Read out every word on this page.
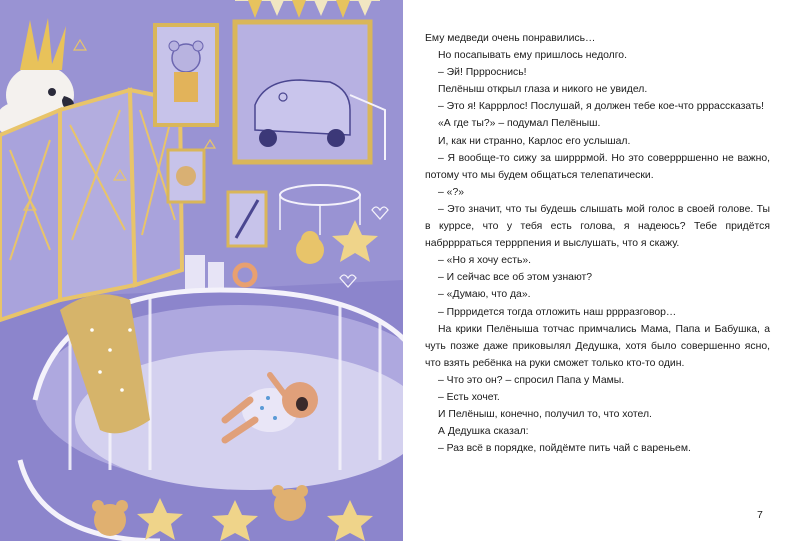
Ему медведи очень понравились…

Но посапывать ему пришлось недолго.

– Эй! Пррроснись!

Пелёныш открыл глаза и никого не увидел.

– Это я! Карррлос! Послушай, я должен тебе кое-что рррассказать!

«А где ты?» – подумал Пелёныш.

И, как ни странно, Карлос его услышал.

– Я вообще-то сижу за ширррмой. Но это соверрршенно не важно, потому что мы будем общаться телепатически.

– «?»

– Это значит, что ты будешь слышать мой голос в своей голове. Ты в куррсе, что у тебя есть голова, я надеюсь? Тебе придётся набрррраться терррпения и выслушать, что я скажу.

– «Но я хочу есть».

– И сейчас все об этом узнают?

– «Думаю, что да».

– Пррридется тогда отложить наш рррразговор…

На крики Пелёныша тотчас примчались Мама, Папа и Бабушка, а чуть позже даже приковылял Дедушка, хотя было совершенно ясно, что взять ребёнка на руки сможет только кто-то один.

– Что это он? – спросил Папа у Мамы.

– Есть хочет.

И Пелёныш, конечно, получил то, что хотел.

А Дедушка сказал:

– Раз всё в порядке, пойдёмте пить чай с вареньем.

7
